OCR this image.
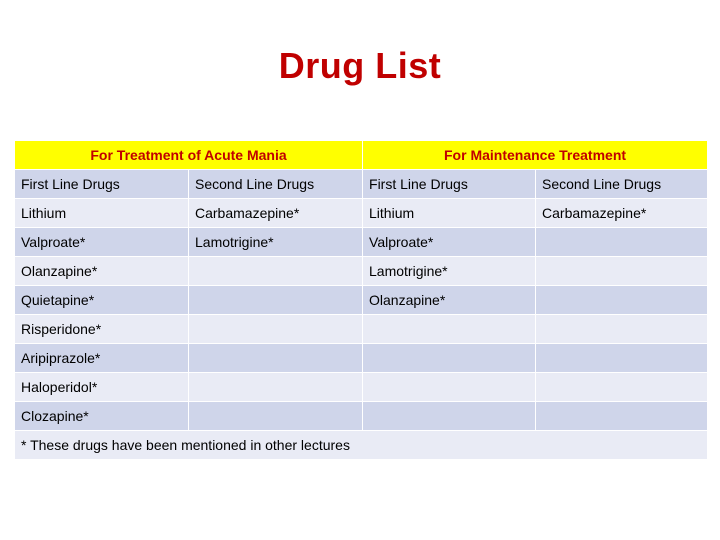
Drug List
For Treatment of Acute Mania		For Maintenance Treatment	
First Line Drugs	Second Line Drugs	First Line Drugs	Second Line Drugs
Lithium	Carbamazepine*	Lithium	Carbamazepine*
Valproate*	Lamotrigine*	Valproate*	
Olanzapine*		Lamotrigine*	
Quietapine*		Olanzapine*	
Risperidone*			
Aripiprazole*			
Haloperidol*			
Clozapine*			
* These drugs have been mentioned in other lectures			
